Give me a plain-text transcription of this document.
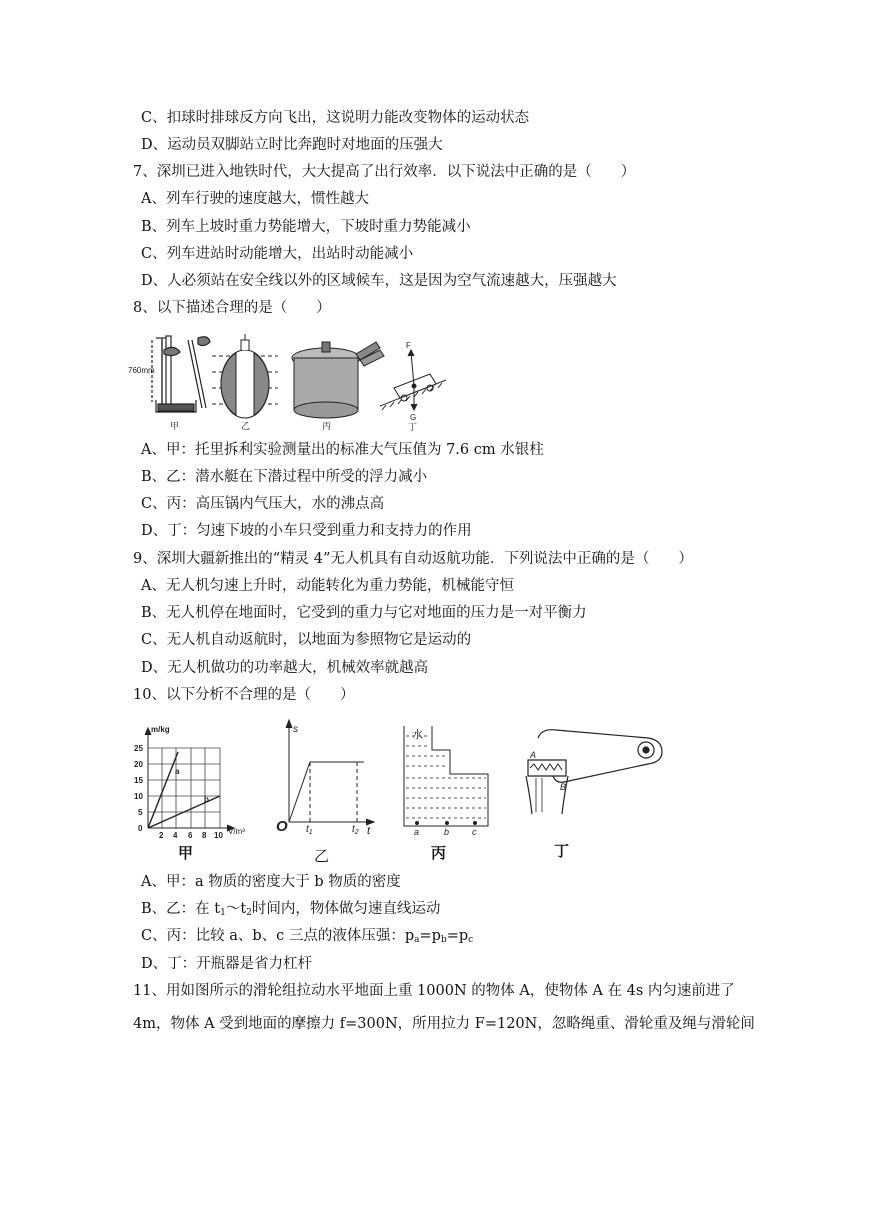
C、扣球时排球反方向飞出，这说明力能改变物体的运动状态
D、运动员双脚站立时比奔跑时对地面的压强大
7、深圳已进入地铁时代，大大提高了出行效率．以下说法中正确的是（　　）
A、列车行驶的速度越大，惯性越大
B、列车上坡时重力势能增大，下坡时重力势能减小
C、列车进站时动能增大，出站时动能减小
D、人必须站在安全线以外的区域候车，这是因为空气流速越大，压强越大
8、以下描述合理的是（　　）
760mm
甲	乙	丙
F
G
丁
A、甲：托里拆利实验测量出的标准大气压值为 7.6 cm 水银柱
B、乙：潜水艇在下潜过程中所受的浮力减小
C、丙：高压锅内气压大，水的沸点高
D、丁：匀速下坡的小车只受到重力和支持力的作用
9、深圳大疆新推出的“精灵 4”无人机具有自动返航功能．下列说法中正确的是（　　）
A、无人机匀速上升时，动能转化为重力势能，机械能守恒
B、无人机停在地面时，它受到的重力与它对地面的压力是一对平衡力
C、无人机自动返航时，以地面为参照物它是运动的
D、无人机做功的功率越大，机械效率就越高
10、以下分析不合理的是（　　）
m/kg
V/m³
25
20
15
10
5
0
2 4 6 8 10
a
b
甲
s
O $t_1$	$t_2$ t
乙
水
a	b	c
丙
A
B
丁
A、甲：a 物质的密度大于 b 物质的密度
B、乙：在 $t_1\sim t_2$时间内，物体做匀速直线运动
C、丙：比较 a、b、c 三点的液体压强：$p_a=p_b=p_c$
D、丁：开瓶器是省力杠杆
11、用如图所示的滑轮组拉动水平地面上重 1000N 的物体 A，使物体 A 在 4s 内匀速前进了
4m，物体 A 受到地面的摩擦力 f=300N，所用拉力 F=120N，忽略绳重、滑轮重及绳与滑轮间
